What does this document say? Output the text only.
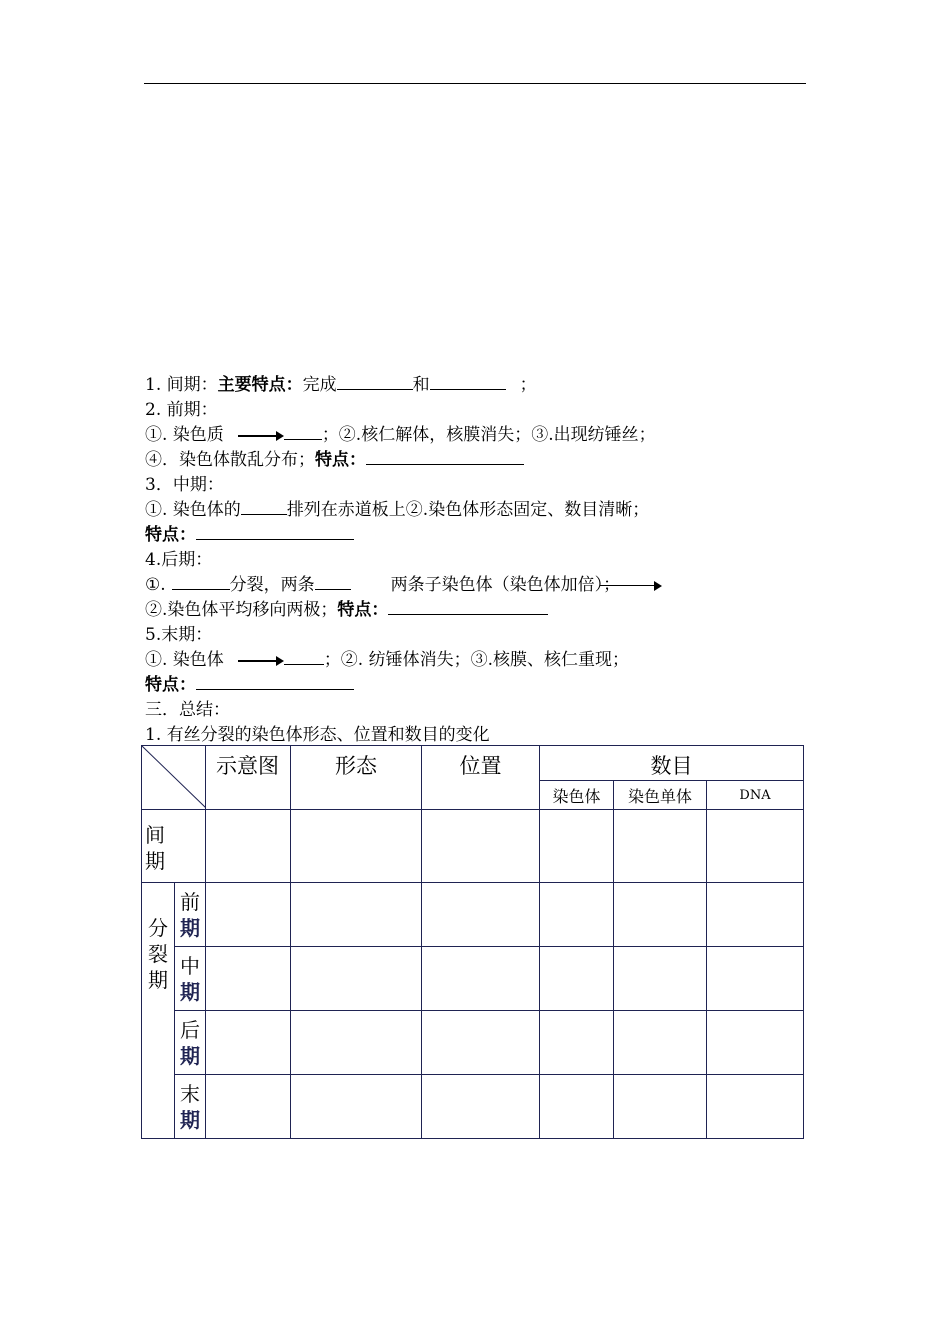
1. 间期：主要特点：完成	和	；
2. 前期：
①. 染色质	；②.核仁解体，核膜消失；③.出现纺锤丝；
④．染色体散乱分布；特点：
3．中期：
①. 染色体的	排列在赤道板上②.染色体形态固定、数目清晰；
特点：
4.后期：
①.	分裂，两条	两条子染色体（染色体加倍）；
②.染色体平均移向两极；特点：
5.末期：
①. 染色体	；②. 纺锤体消失；③.核膜、核仁重现；
特点：
三．总结：
1. 有丝分裂的染色体形态、位置和数目的变化
	示意图	形态	位置	数目		
					染色体	染色单体	DNA
间期							
分裂期	前
期						
	中
期						
	后
期						
	末
期						
